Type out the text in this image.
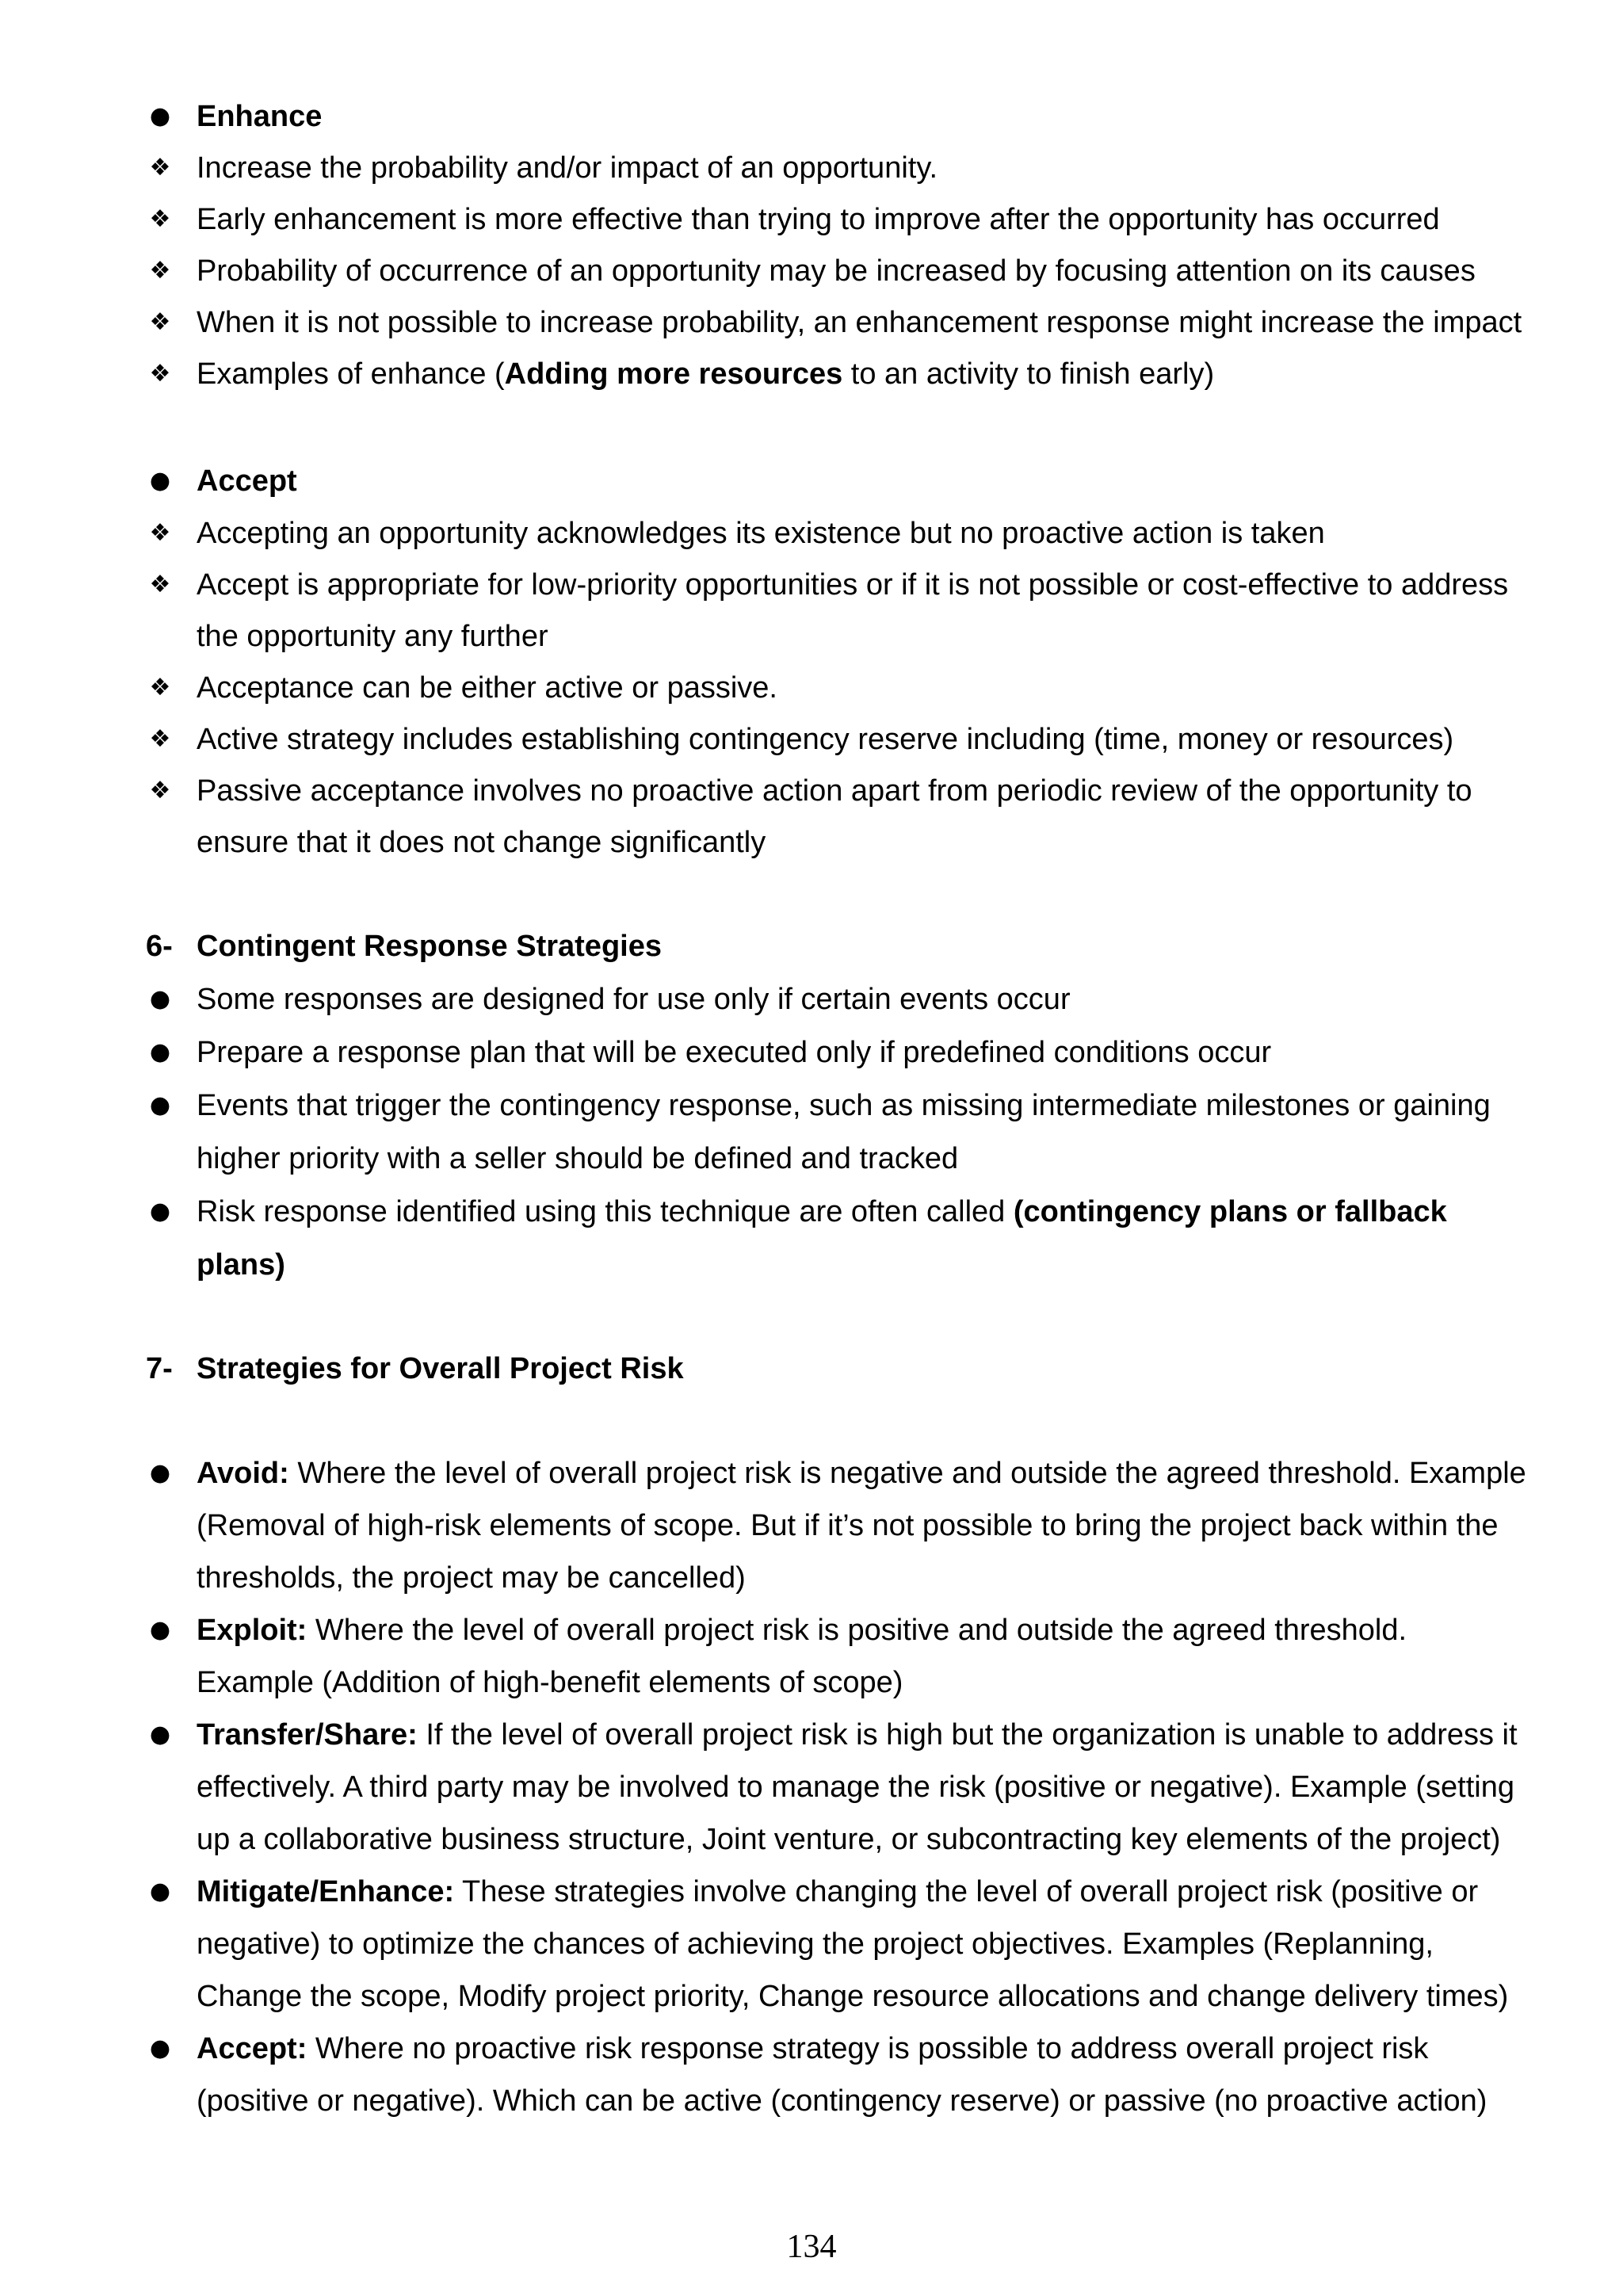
● Enhance
❖ Increase the probability and/or impact of an opportunity.
❖ Early enhancement is more effective than trying to improve after the opportunity has occurred
❖ Probability of occurrence of an opportunity may be increased by focusing attention on its causes
❖ When it is not possible to increase probability, an enhancement response might increase the impact
❖ Examples of enhance (Adding more resources to an activity to finish early)
● Accept
❖ Accepting an opportunity acknowledges its existence but no proactive action is taken
❖ Accept is appropriate for low-priority opportunities or if it is not possible or cost-effective to address
the opportunity any further
❖ Acceptance can be either active or passive.
❖ Active strategy includes establishing contingency reserve including (time, money or resources)
❖ Passive acceptance involves no proactive action apart from periodic review of the opportunity to
ensure that it does not change significantly
6- Contingent Response Strategies
● Some responses are designed for use only if certain events occur
● Prepare a response plan that will be executed only if predefined conditions occur
● Events that trigger the contingency response, such as missing intermediate milestones or gaining
higher priority with a seller should be defined and tracked
● Risk response identified using this technique are often called (contingency plans or fallback
plans)
7- Strategies for Overall Project Risk
● Avoid: Where the level of overall project risk is negative and outside the agreed threshold. Example
(Removal of high-risk elements of scope. But if it’s not possible to bring the project back within the
thresholds, the project may be cancelled)
● Exploit: Where the level of overall project risk is positive and outside the agreed threshold.
Example (Addition of high-benefit elements of scope)
● Transfer/Share: If the level of overall project risk is high but the organization is unable to address it
effectively. A third party may be involved to manage the risk (positive or negative). Example (setting
up a collaborative business structure, Joint venture, or subcontracting key elements of the project)
● Mitigate/Enhance: These strategies involve changing the level of overall project risk (positive or
negative) to optimize the chances of achieving the project objectives. Examples (Replanning,
Change the scope, Modify project priority, Change resource allocations and change delivery times)
● Accept: Where no proactive risk response strategy is possible to address overall project risk
(positive or negative). Which can be active (contingency reserve) or passive (no proactive action)
134
